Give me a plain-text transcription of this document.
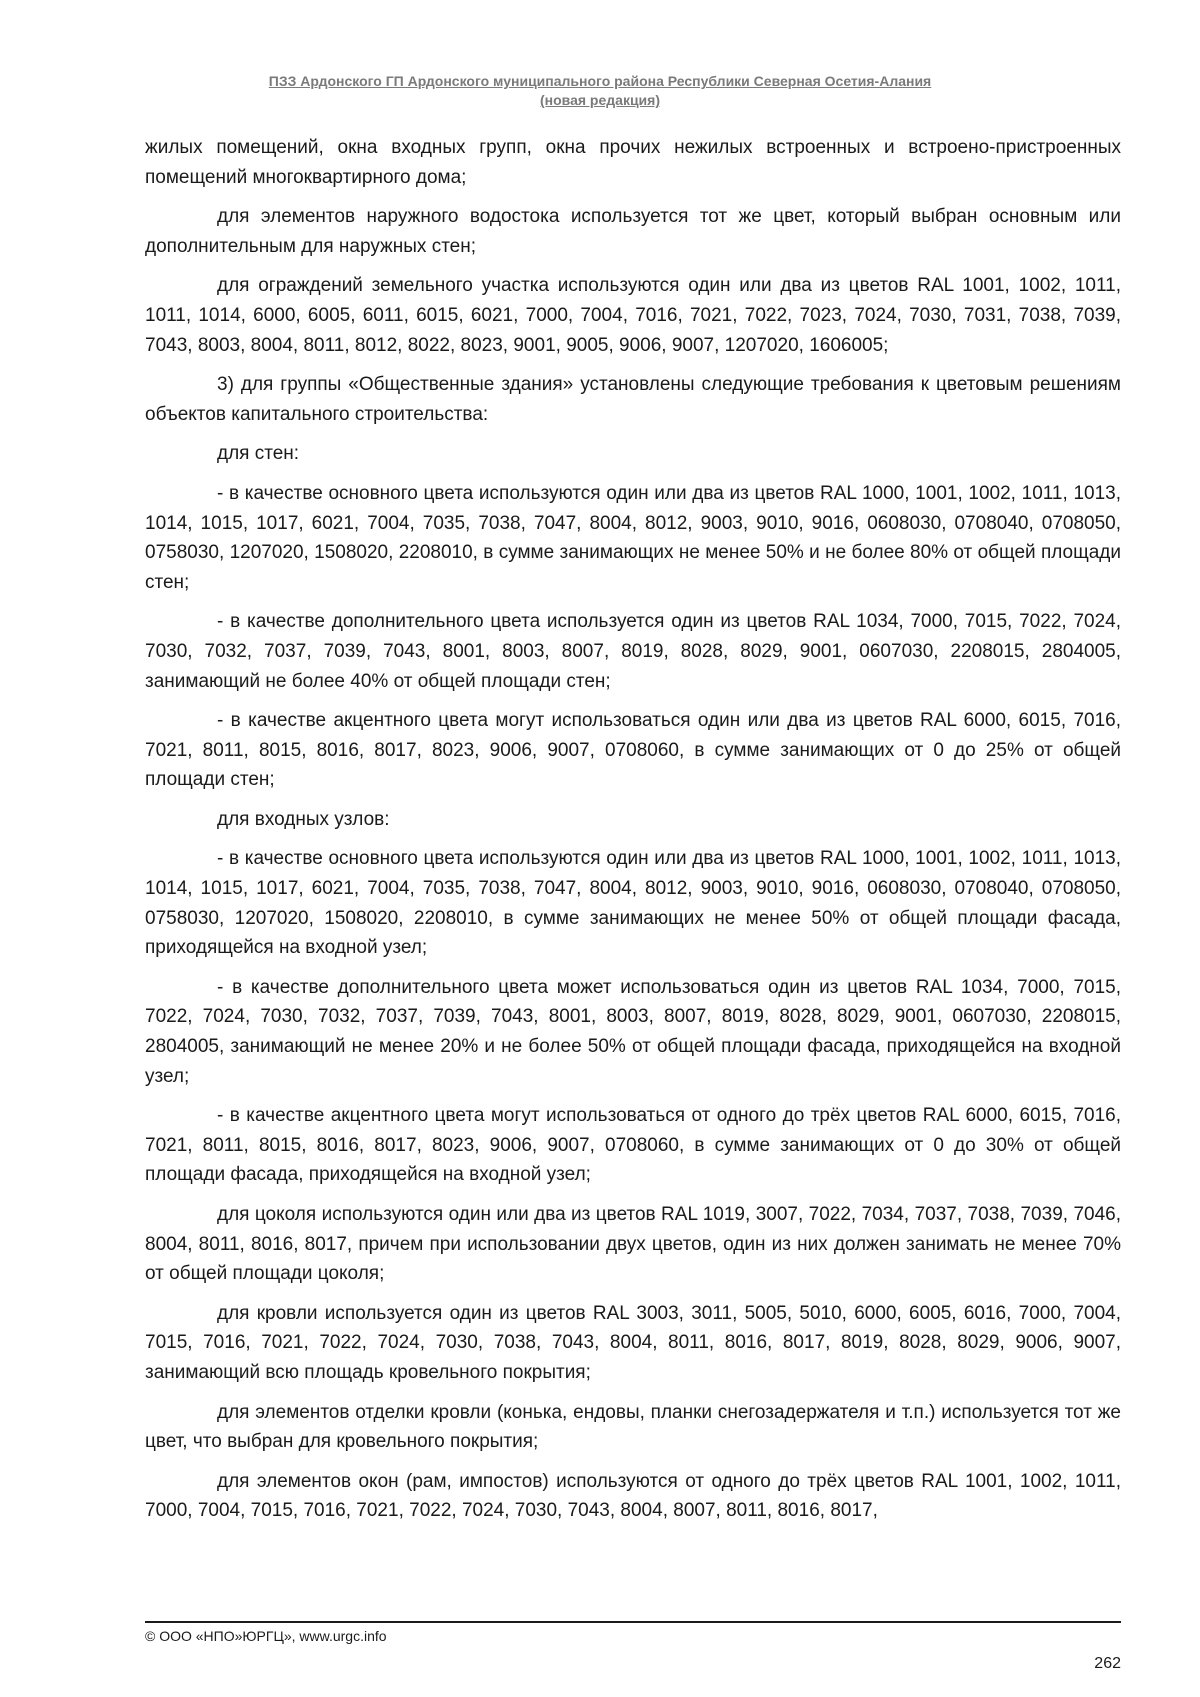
ПЗЗ Ардонского ГП Ардонского муниципального района Республики Северная Осетия-Алания
(новая редакция)

жилых помещений, окна входных групп, окна прочих нежилых встроенных и встроено-пристроенных помещений многоквартирного дома;

для элементов наружного водостока используется тот же цвет, который выбран основным или дополнительным для наружных стен;

для ограждений земельного участка используются один или два из цветов RAL 1001, 1002, 1011, 1011, 1014, 6000, 6005, 6011, 6015, 6021, 7000, 7004, 7016, 7021, 7022, 7023, 7024, 7030, 7031, 7038, 7039, 7043, 8003, 8004, 8011, 8012, 8022, 8023, 9001, 9005, 9006, 9007, 1207020, 1606005;

3) для группы «Общественные здания» установлены следующие требования к цветовым решениям объектов капитального строительства:

для стен:

- в качестве основного цвета используются один или два из цветов RAL 1000, 1001, 1002, 1011, 1013, 1014, 1015, 1017, 6021, 7004, 7035, 7038, 7047, 8004, 8012, 9003, 9010, 9016, 0608030, 0708040, 0708050, 0758030, 1207020, 1508020, 2208010, в сумме занимающих не менее 50% и не более 80% от общей площади стен;

- в качестве дополнительного цвета используется один из цветов RAL 1034, 7000, 7015, 7022, 7024, 7030, 7032, 7037, 7039, 7043, 8001, 8003, 8007, 8019, 8028, 8029, 9001, 0607030, 2208015, 2804005, занимающий не более 40% от общей площади стен;

- в качестве акцентного цвета могут использоваться один или два из цветов RAL 6000, 6015, 7016, 7021, 8011, 8015, 8016, 8017, 8023, 9006, 9007, 0708060, в сумме занимающих от 0 до 25% от общей площади стен;

для входных узлов:

- в качестве основного цвета используются один или два из цветов RAL 1000, 1001, 1002, 1011, 1013, 1014, 1015, 1017, 6021, 7004, 7035, 7038, 7047, 8004, 8012, 9003, 9010, 9016, 0608030, 0708040, 0708050, 0758030, 1207020, 1508020, 2208010, в сумме занимающих не менее 50% от общей площади фасада, приходящейся на входной узел;

- в качестве дополнительного цвета может использоваться один из цветов RAL 1034, 7000, 7015, 7022, 7024, 7030, 7032, 7037, 7039, 7043, 8001, 8003, 8007, 8019, 8028, 8029, 9001, 0607030, 2208015, 2804005, занимающий не менее 20% и не более 50% от общей площади фасада, приходящейся на входной узел;

- в качестве акцентного цвета могут использоваться от одного до трёх цветов RAL 6000, 6015, 7016, 7021, 8011, 8015, 8016, 8017, 8023, 9006, 9007, 0708060, в сумме занимающих от 0 до 30% от общей площади фасада, приходящейся на входной узел;

для цоколя используются один или два из цветов RAL 1019, 3007, 7022, 7034, 7037, 7038, 7039, 7046, 8004, 8011, 8016, 8017, причем при использовании двух цветов, один из них должен занимать не менее 70% от общей площади цоколя;

для кровли используется один из цветов RAL 3003, 3011, 5005, 5010, 6000, 6005, 6016, 7000, 7004, 7015, 7016, 7021, 7022, 7024, 7030, 7038, 7043, 8004, 8011, 8016, 8017, 8019, 8028, 8029, 9006, 9007, занимающий всю площадь кровельного покрытия;

для элементов отделки кровли (конька, ендовы, планки снегозадержателя и т.п.) используется тот же цвет, что выбран для кровельного покрытия;

для элементов окон (рам, импостов) используются от одного до трёх цветов RAL 1001, 1002, 1011, 7000, 7004, 7015, 7016, 7021, 7022, 7024, 7030, 7043, 8004, 8007, 8011, 8016, 8017,

© ООО «НПО»ЮРГЦ», www.urgc.info
262
